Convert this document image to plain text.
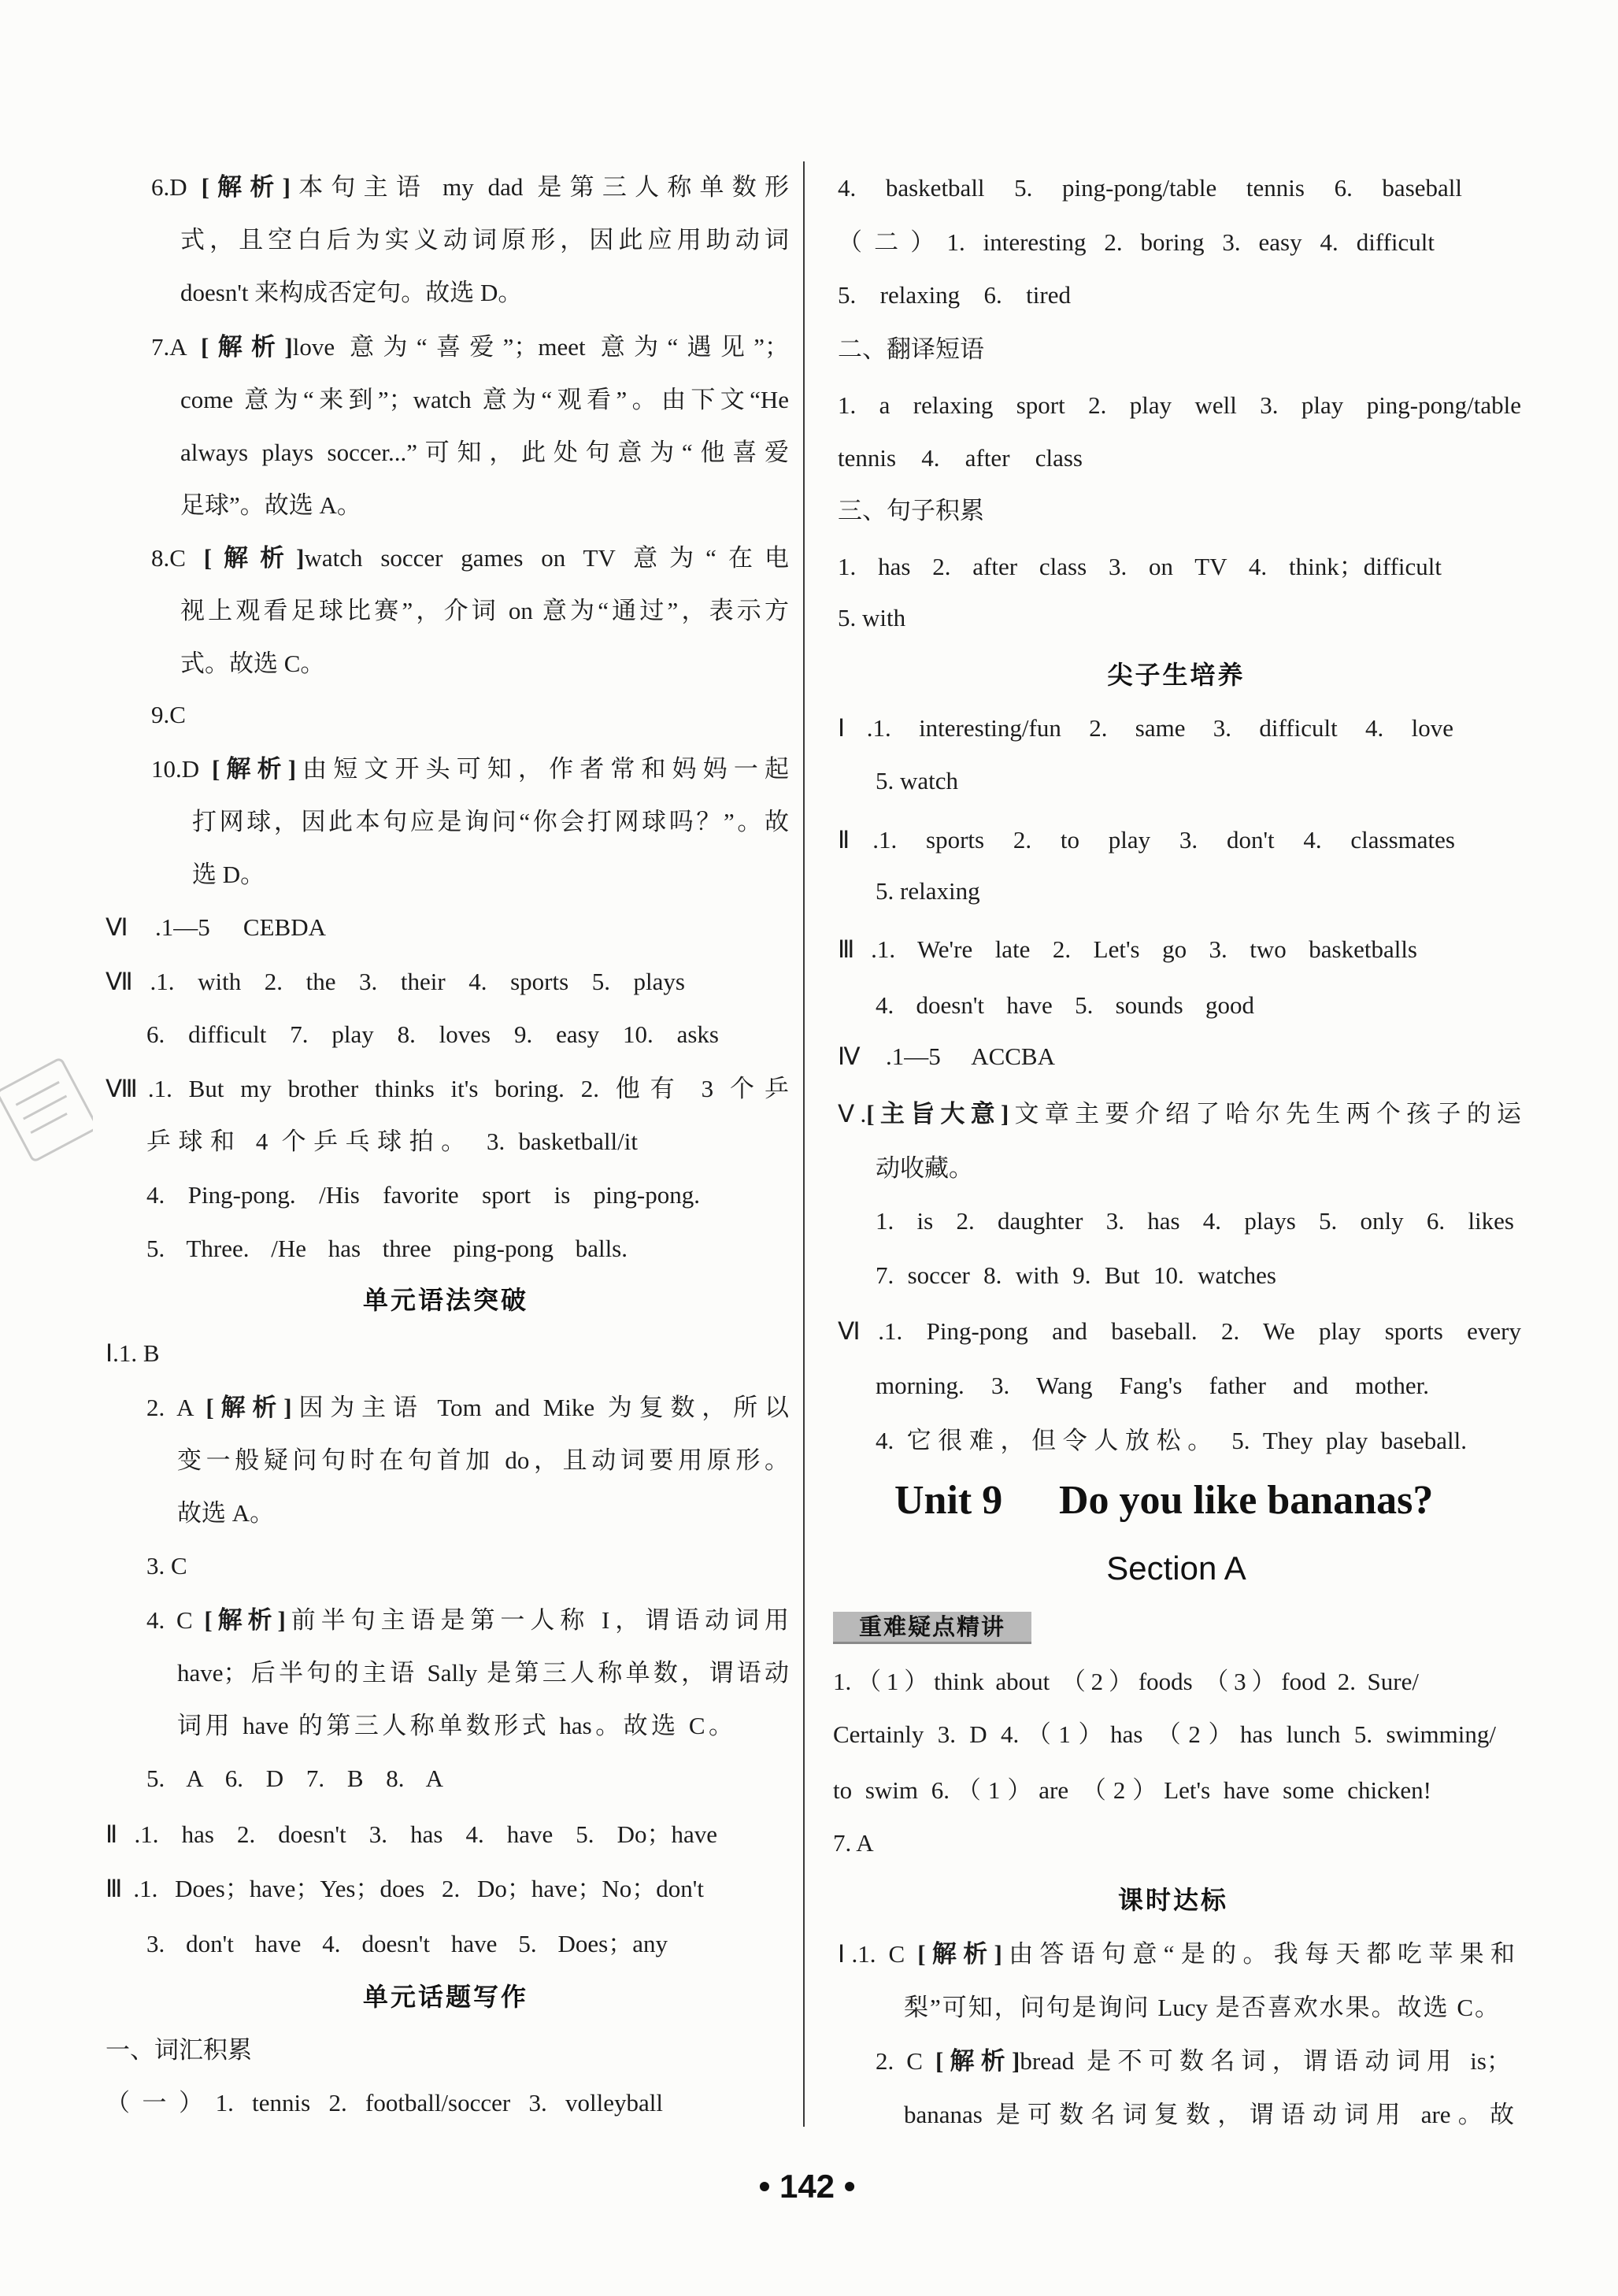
6.D [解析]本句主语 my dad 是第三人称单数形
式，且空白后为实义动词原形，因此应用助动词
doesn't 来构成否定句。故选 D。
7.A [解析]love 意为“喜爱”；meet 意为“遇见”；
come 意为“来到”；watch 意为“观看”。由下文“He
always plays soccer...”可知，此处句意为“他喜爱
足球”。故选 A。
8.C [解析]watch soccer games on TV 意为“在电
视上观看足球比赛”，介词 on 意为“通过”，表示方
式。故选 C。
9.C
10.D [解析]由短文开头可知，作者常和妈妈一起
打网球，因此本句应是询问“你会打网球吗？”。故
选 D。
Ⅵ.1—5 CEBDA
Ⅶ.1. with 2. the 3. their 4. sports 5. plays
6. difficult 7. play 8. loves 9. easy 10. asks
Ⅷ.1. But my brother thinks it's boring. 2. 他有 3 个乒
乒球和 4 个乒乓球拍。 3. basketball/it
4. Ping-pong. /His favorite sport is ping-pong.
5. Three. /He has three ping-pong balls.
单元语法突破
Ⅰ.1. B
2. A [解析]因为主语 Tom and Mike 为复数，所以
变一般疑问句时在句首加 do，且动词要用原形。
故选 A。
3. C
4. C [解析]前半句主语是第一人称 I，谓语动词用
have；后半句的主语 Sally 是第三人称单数，谓语动
词用 have 的第三人称单数形式 has。故选 C。
5. A 6. D 7. B 8. A
Ⅱ.1. has 2. doesn't 3. has 4. have 5. Do；have
Ⅲ.1. Does；have；Yes；does 2. Do；have；No；don't
3. don't have 4. doesn't have 5. Does；any
单元话题写作
一、词汇积累
（一）1. tennis 2. football/soccer 3. volleyball
4. basketball 5. ping-pong/table tennis 6. baseball
（二）1. interesting 2. boring 3. easy 4. difficult
5. relaxing 6. tired
二、翻译短语
1. a relaxing sport 2. play well 3. play ping-pong/table
tennis 4. after class
三、句子积累
1. has 2. after class 3. on TV 4. think；difficult
5. with
尖子生培养
Ⅰ.1. interesting/fun 2. same 3. difficult 4. love
5. watch
Ⅱ.1. sports 2. to play 3. don't 4. classmates
5. relaxing
Ⅲ.1. We're late 2. Let's go 3. two basketballs
4. doesn't have 5. sounds good
Ⅳ.1—5 ACCBA
Ⅴ.[主旨大意]文章主要介绍了哈尔先生两个孩子的运
动收藏。
1. is 2. daughter 3. has 4. plays 5. only 6. likes
7. soccer 8. with 9. But 10. watches
Ⅵ.1. Ping-pong and baseball. 2. We play sports every
morning. 3. Wang Fang's father and mother.
4. 它很难，但令人放松。 5. They play baseball.
Unit 9 Do you like bananas?
Section A
重难疑点精讲
1.（1）think about （2）foods （3）food 2. Sure/
Certainly 3. D 4.（1）has （2）has lunch 5. swimming/
to swim 6.（1）are （2）Let's have some chicken!
7. A
课时达标
Ⅰ.1. C [解析]由答语句意“是的。我每天都吃苹果和
梨”可知，问句是询问 Lucy 是否喜欢水果。故选 C。
2. C [解析]bread 是不可数名词，谓语动词用 is；
bananas 是可数名词复数，谓语动词用 are。故
• 142 •
